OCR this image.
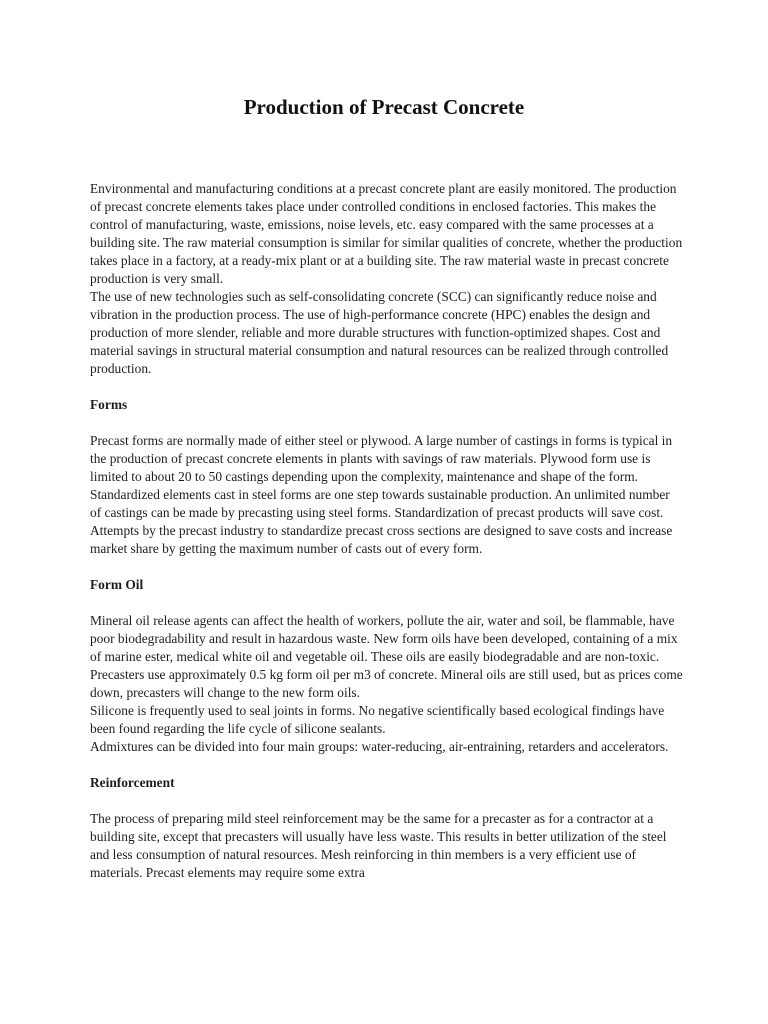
Production of Precast Concrete

Environmental and manufacturing conditions at a precast concrete plant are easily monitored. The production of precast concrete elements takes place under controlled conditions in enclosed factories. This makes the control of manufacturing, waste, emissions, noise levels, etc. easy compared with the same processes at a building site. The raw material consumption is similar for similar qualities of concrete, whether the production takes place in a factory, at a ready-mix plant or at a building site. The raw material waste in precast concrete production is very small.

The use of new technologies such as self-consolidating concrete (SCC) can significantly reduce noise and vibration in the production process. The use of high-performance concrete (HPC) enables the design and production of more slender, reliable and more durable structures with function-optimized shapes. Cost and material savings in structural material consumption and natural resources can be realized through controlled production.

Forms

Precast forms are normally made of either steel or plywood. A large number of castings in forms is typical in the production of precast concrete elements in plants with savings of raw materials. Plywood form use is limited to about 20 to 50 castings depending upon the complexity, maintenance and shape of the form. Standardized elements cast in steel forms are one step towards sustainable production. An unlimited number of castings can be made by precasting using steel forms. Standardization of precast products will save cost. Attempts by the precast industry to standardize precast cross sections are designed to save costs and increase market share by getting the maximum number of casts out of every form.

Form Oil

Mineral oil release agents can affect the health of workers, pollute the air, water and soil, be flammable, have poor biodegradability and result in hazardous waste. New form oils have been developed, containing of a mix of marine ester, medical white oil and vegetable oil. These oils are easily biodegradable and are non-toxic. Precasters use approximately 0.5 kg form oil per m3 of concrete. Mineral oils are still used, but as prices come down, precasters will change to the new form oils.

Silicone is frequently used to seal joints in forms. No negative scientifically based ecological findings have been found regarding the life cycle of silicone sealants.

Admixtures can be divided into four main groups: water-reducing, air-entraining, retarders and accelerators.

Reinforcement

The process of preparing mild steel reinforcement may be the same for a precaster as for a contractor at a building site, except that precasters will usually have less waste. This results in better utilization of the steel and less consumption of natural resources. Mesh reinforcing in thin members is a very efficient use of materials. Precast elements may require some extra
